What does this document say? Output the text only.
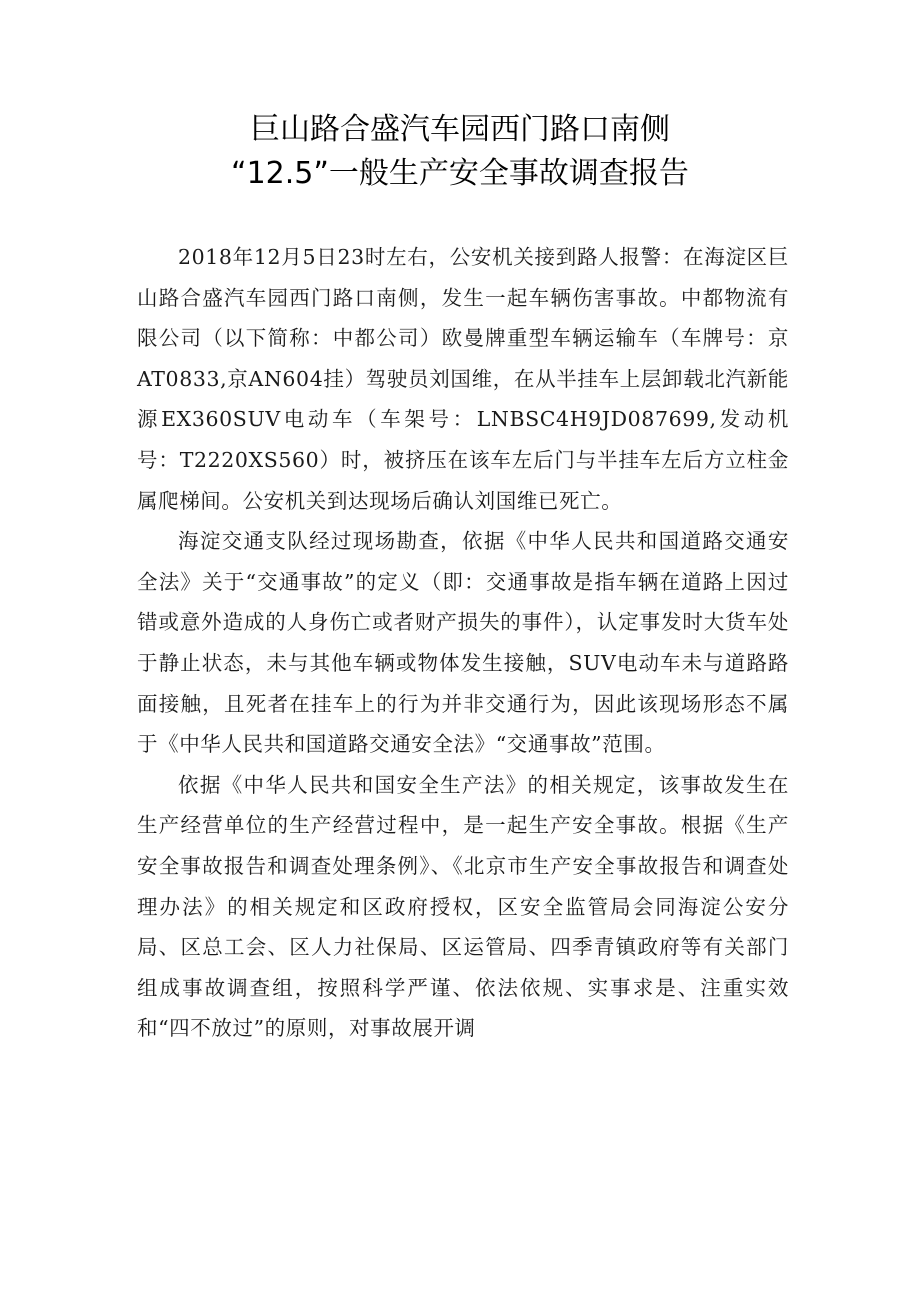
巨山路合盛汽车园西门路口南侧
“12.5”一般生产安全事故调查报告

2018年12月5日23时左右，公安机关接到路人报警：在海淀区巨山路合盛汽车园西门路口南侧，发生一起车辆伤害事故。中都物流有限公司（以下简称：中都公司）欧曼牌重型车辆运输车（车牌号：京AT0833,京AN604挂）驾驶员刘国维，在从半挂车上层卸载北汽新能源EX360SUV电动车（车架号：LNBSC4H9JD087699,发动机号：T2220XS560）时，被挤压在该车左后门与半挂车左后方立柱金属爬梯间。公安机关到达现场后确认刘国维已死亡。

海淀交通支队经过现场勘查，依据《中华人民共和国道路交通安全法》关于“交通事故”的定义（即：交通事故是指车辆在道路上因过错或意外造成的人身伤亡或者财产损失的事件），认定事发时大货车处于静止状态，未与其他车辆或物体发生接触，SUV电动车未与道路路面接触，且死者在挂车上的行为并非交通行为，因此该现场形态不属于《中华人民共和国道路交通安全法》“交通事故”范围。

依据《中华人民共和国安全生产法》的相关规定，该事故发生在生产经营单位的生产经营过程中，是一起生产安全事故。根据《生产安全事故报告和调查处理条例》、《北京市生产安全事故报告和调查处理办法》的相关规定和区政府授权，区安全监管局会同海淀公安分局、区总工会、区人力社保局、区运管局、四季青镇政府等有关部门组成事故调查组，按照科学严谨、依法依规、实事求是、注重实效和“四不放过”的原则，对事故展开调
